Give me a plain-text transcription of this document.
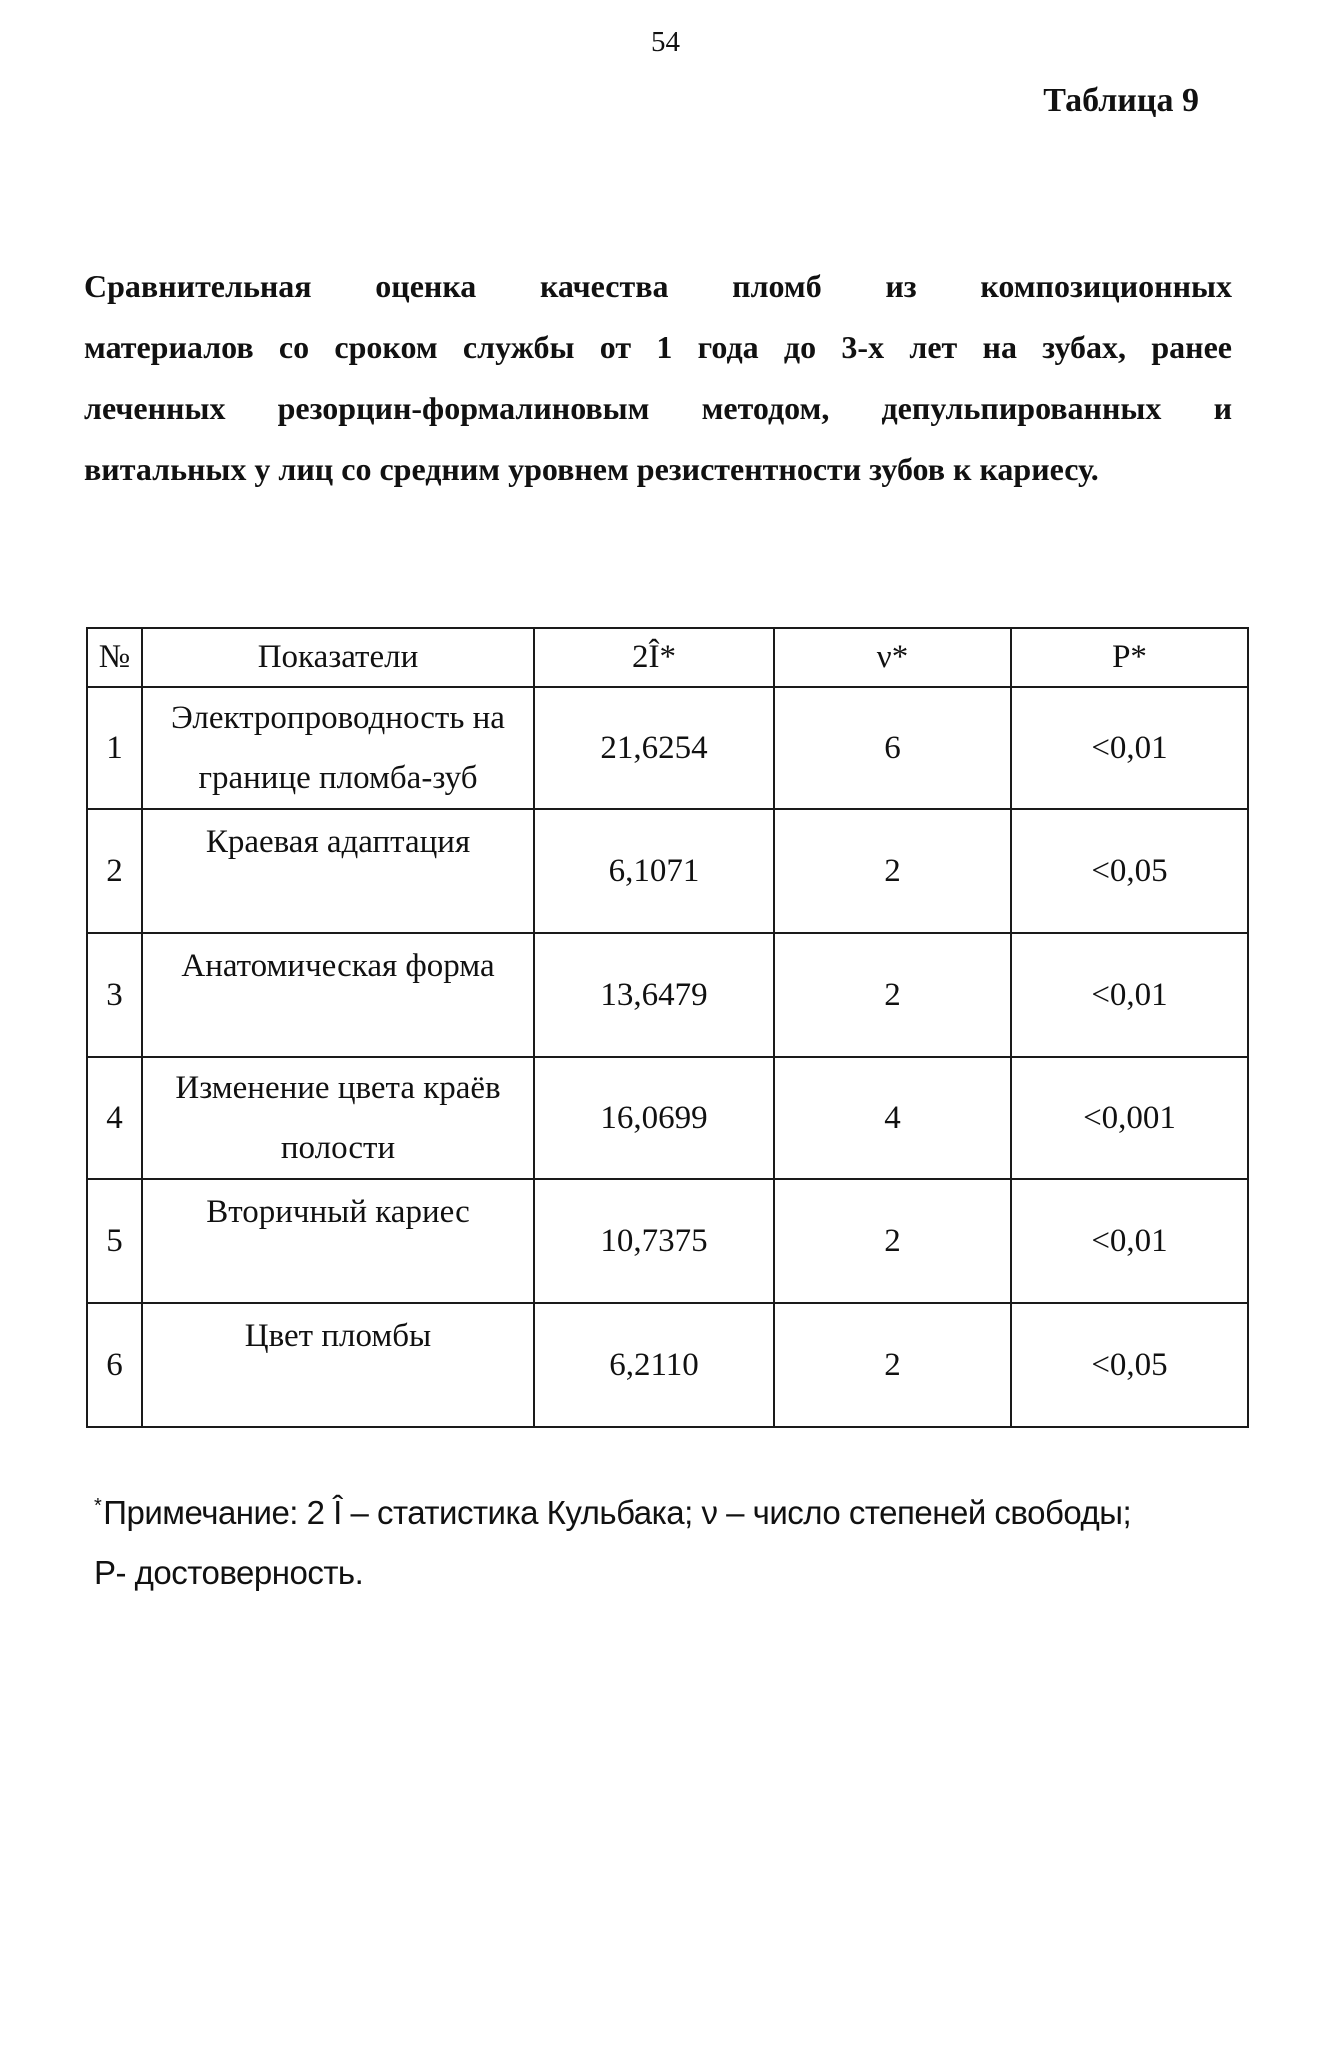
54
Таблица 9
Сравнительная оценка качества пломб из композиционных
материалов со сроком службы от 1 года до 3-х лет на зубах, ранее
леченных резорцин-формалиновым методом, депульпированных и
витальных у лиц со средним уровнем резистентности зубов к кариесу.
№	Показатели	2Î*	ν*	P*
1	Электропроводность на границе пломба-зуб	21,6254	6	<0,01
2	Краевая адаптация	6,1071	2	<0,05
3	Анатомическая форма	13,6479	2	<0,01
4	Изменение цвета краёв полости	16,0699	4	<0,001
5	Вторичный кариес	10,7375	2	<0,01
6	Цвет пломбы	6,2110	2	<0,05
*Примечание: 2 Î – статистика Кульбака; ν – число степеней свободы;
P- достоверность.
